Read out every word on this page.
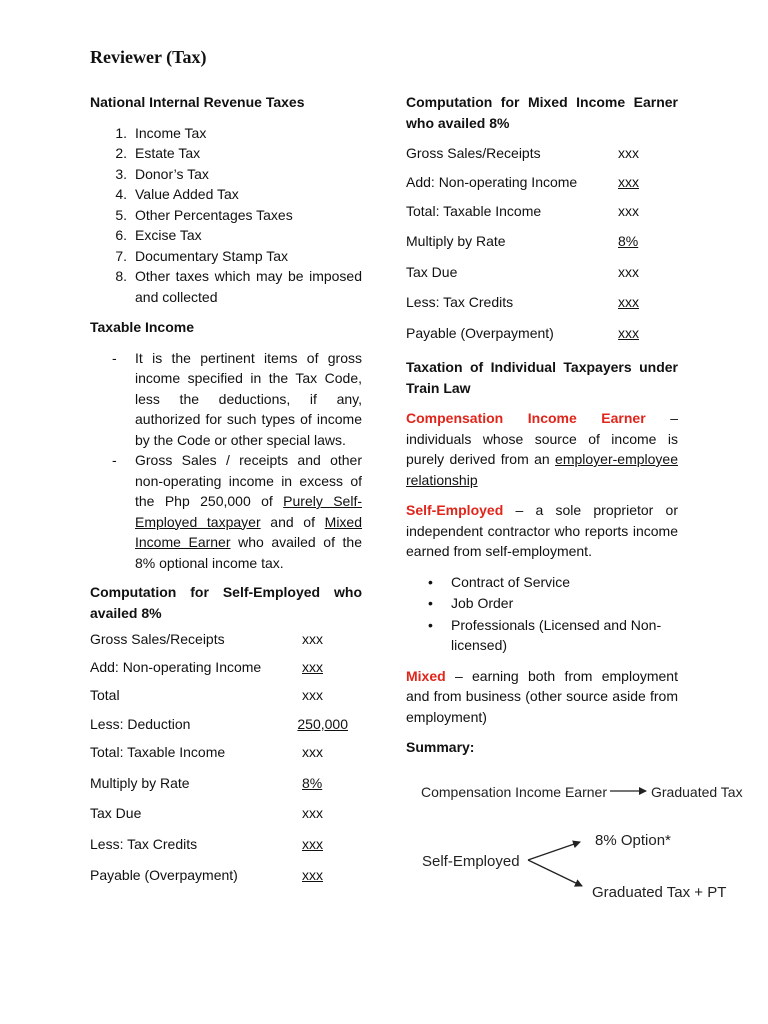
Reviewer (Tax)

National Internal Revenue Taxes

1. Income Tax
2. Estate Tax
3. Donor’s Tax
4. Value Added Tax
5. Other Percentages Taxes
6. Excise Tax
7. Documentary Stamp Tax
8. Other taxes which may be imposed and collected

Taxable Income

-	It is the pertinent items of gross income specified in the Tax Code, less the deductions, if any, authorized for such types of income by the Code or other special laws.
-	Gross Sales / receipts and other non-operating income in excess of the Php 250,000 of Purely Self-Employed taxpayer and of Mixed Income Earner who availed of the 8% optional income tax.

Computation for Self-Employed who availed 8%

Gross Sales/Receipts	xxx
Add: Non-operating Income	xxx
Total	xxx
Less: Deduction	250,000
Total: Taxable Income	xxx
Multiply by Rate	8%
Tax Due	xxx
Less: Tax Credits	xxx
Payable (Overpayment)	xxx

Computation for Mixed Income Earner who availed 8%

Gross Sales/Receipts	xxx
Add: Non-operating Income	xxx
Total: Taxable Income	xxx
Multiply by Rate	8%
Tax Due	xxx
Less: Tax Credits	xxx
Payable (Overpayment)	xxx

Taxation of Individual Taxpayers under Train Law

Compensation Income Earner – individuals whose source of income is purely derived from an employer-employee relationship

Self-Employed – a sole proprietor or independent contractor who reports income earned from self-employment.

•	Contract of Service
•	Job Order
•	Professionals (Licensed and Non-licensed)

Mixed – earning both from employment and from business (other source aside from employment)

Summary:

Compensation Income Earner	Graduated Tax
Self-Employed
8% Option*
Graduated Tax + PT
